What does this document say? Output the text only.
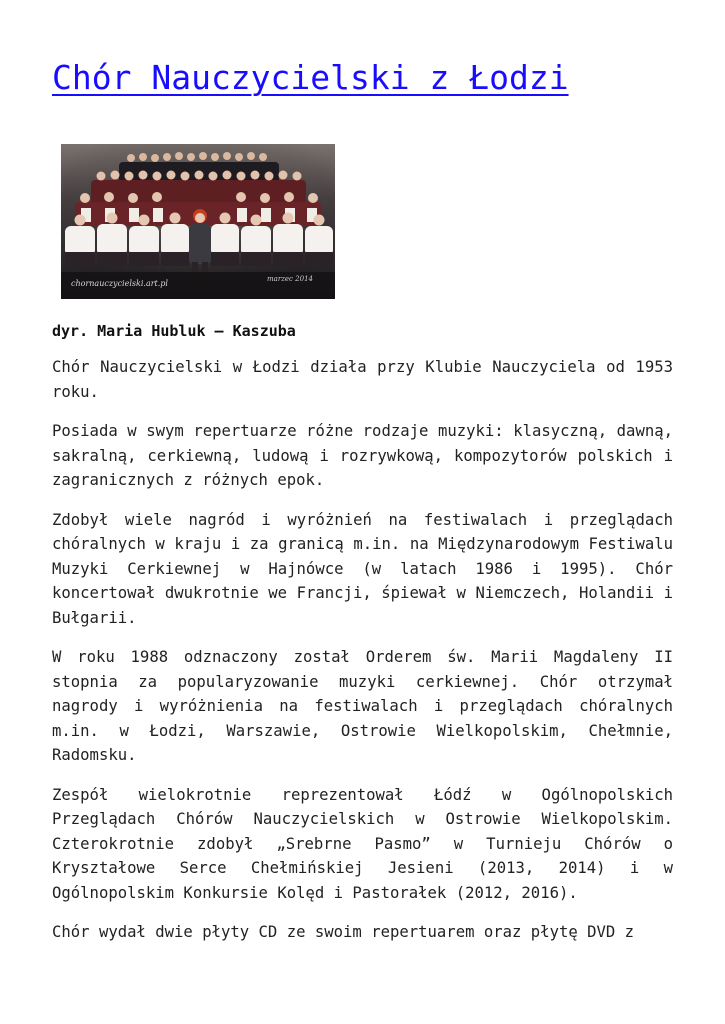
Chór Nauczycielski z Łodzi
chornauczycielski.art.pl	marzec 2014

dyr. Maria Hubluk – Kaszuba

Chór Nauczycielski w Łodzi działa przy Klubie Nauczyciela od 1953 roku.

Posiada w swym repertuarze różne rodzaje muzyki: klasyczną, dawną, sakralną, cerkiewną, ludową i rozrywkową, kompozytorów polskich i zagranicznych z różnych epok.

Zdobył wiele nagród i wyróżnień na festiwalach i przeglądach chóralnych w kraju i za granicą m.in. na Międzynarodowym Festiwalu Muzyki Cerkiewnej w Hajnówce (w latach 1986 i 1995). Chór koncertował dwukrotnie we Francji, śpiewał w Niemczech, Holandii i Bułgarii.

W roku 1988 odznaczony został Orderem św. Marii Magdaleny II stopnia za popularyzowanie muzyki cerkiewnej. Chór otrzymał nagrody i wyróżnienia na festiwalach i przeglądach chóralnych m.in. w Łodzi, Warszawie, Ostrowie Wielkopolskim, Chełmnie, Radomsku.

Zespół wielokrotnie reprezentował Łódź w Ogólnopolskich Przeglądach Chórów Nauczycielskich w Ostrowie Wielkopolskim. Czterokrotnie zdobył „Srebrne Pasmo” w Turnieju Chórów o Kryształowe Serce Chełmińskiej Jesieni (2013, 2014) i w Ogólnopolskim Konkursie Kolęd i Pastorałek (2012, 2016).

Chór wydał dwie płyty CD ze swoim repertuarem oraz płytę DVD z
